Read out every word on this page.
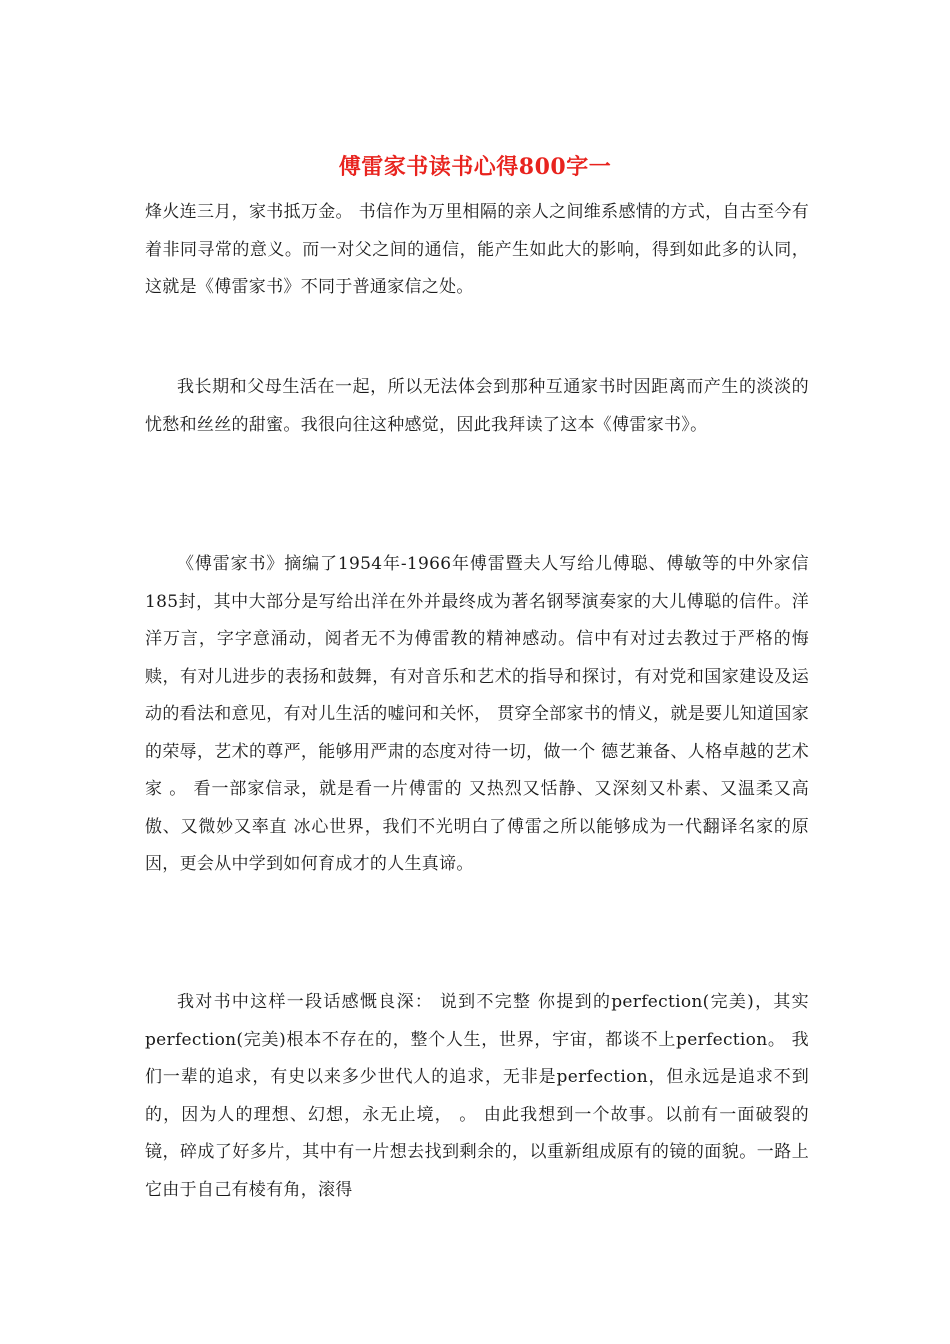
傅雷家书读书心得800字一

烽火连三月，家书抵万金。 书信作为万里相隔的亲人之间维系感情的方式，自古至今有着非同寻常的意义。而一对父之间的通信，能产生如此大的影响，得到如此多的认同，这就是《傅雷家书》不同于普通家信之处。

我长期和父母生活在一起，所以无法体会到那种互通家书时因距离而产生的淡淡的忧愁和丝丝的甜蜜。我很向往这种感觉，因此我拜读了这本《傅雷家书》。

《傅雷家书》摘编了1954年-1966年傅雷暨夫人写给儿傅聪、傅敏等的中外家信185封，其中大部分是写给出洋在外并最终成为著名钢琴演奏家的大儿傅聪的信件。洋洋万言，字字意涌动，阅者无不为傅雷教的精神感动。信中有对过去教过于严格的悔赎，有对儿进步的表扬和鼓舞，有对音乐和艺术的指导和探讨，有对党和国家建设及运动的看法和意见，有对儿生活的嘘问和关怀， 贯穿全部家书的情义，就是要儿知道国家的荣辱，艺术的尊严，能够用严肃的态度对待一切，做一个 德艺兼备、人格卓越的艺术家 。 看一部家信录，就是看一片傅雷的 又热烈又恬静、又深刻又朴素、又温柔又高傲、又微妙又率直 冰心世界，我们不光明白了傅雷之所以能够成为一代翻译名家的原因，更会从中学到如何育成才的人生真谛。

我对书中这样一段话感慨良深： 说到不完整 你提到的perfection(完美)，其实perfection(完美)根本不存在的，整个人生，世界，宇宙，都谈不上perfection。 我们一辈的追求，有史以来多少世代人的追求，无非是perfection，但永远是追求不到的，因为人的理想、幻想，永无止境， 。 由此我想到一个故事。以前有一面破裂的镜，碎成了好多片，其中有一片想去找到剩余的，以重新组成原有的镜的面貌。一路上它由于自己有棱有角，滚得
